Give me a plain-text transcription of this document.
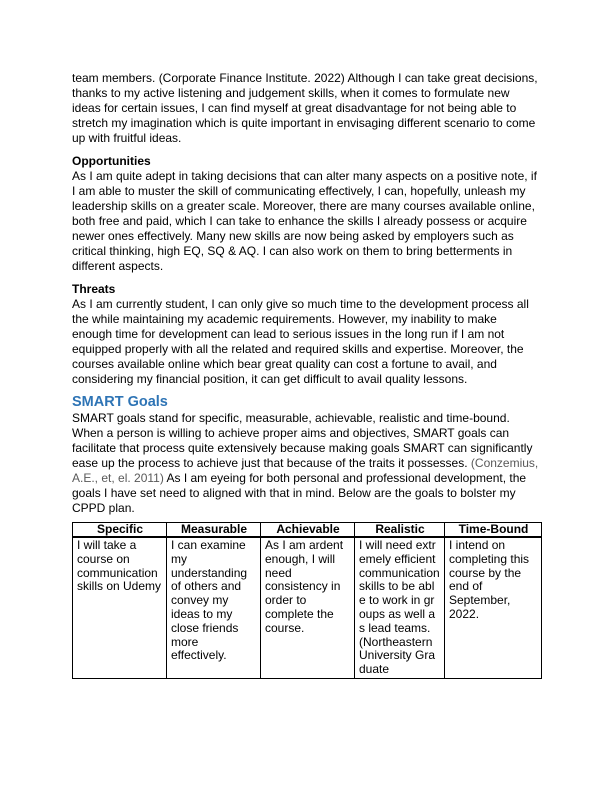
team members. (Corporate Finance Institute. 2022) Although I can take great decisions, thanks to my active listening and judgement skills, when it comes to formulate new ideas for certain issues, I can find myself at great disadvantage for not being able to stretch my imagination which is quite important in envisaging different scenario to come up with fruitful ideas.

Opportunities

As I am quite adept in taking decisions that can alter many aspects on a positive note, if I am able to muster the skill of communicating effectively, I can, hopefully, unleash my leadership skills on a greater scale. Moreover, there are many courses available online, both free and paid, which I can take to enhance the skills I already possess or acquire newer ones effectively. Many new skills are now being asked by employers such as critical thinking, high EQ, SQ & AQ. I can also work on them to bring betterments in different aspects.

Threats

As I am currently student, I can only give so much time to the development process all the while maintaining my academic requirements. However, my inability to make enough time for development can lead to serious issues in the long run if I am not equipped properly with all the related and required skills and expertise. Moreover, the courses available online which bear great quality can cost a fortune to avail, and considering my financial position, it can get difficult to avail quality lessons.

SMART Goals

SMART goals stand for specific, measurable, achievable, realistic and time-bound. When a person is willing to achieve proper aims and objectives, SMART goals can facilitate that process quite extensively because making goals SMART can significantly ease up the process to achieve just that because of the traits it possesses. (Conzemius, A.E., et, el. 2011) As I am eyeing for both personal and professional development, the goals I have set need to aligned with that in mind. Below are the goals to bolster my CPPD plan.

Specific	Measurable	Achievable	Realistic	Time-Bound
I will take a course on communication skills on Udemy	I can examine my understanding of others and convey my ideas to my close friends more effectively.	As I am ardent enough, I will need consistency in order to complete the course.	I will need extremely efficient communication skills to be able to work in groups as well as lead teams. (Northeastern University Graduate	I intend on completing this course by the end of September, 2022.
